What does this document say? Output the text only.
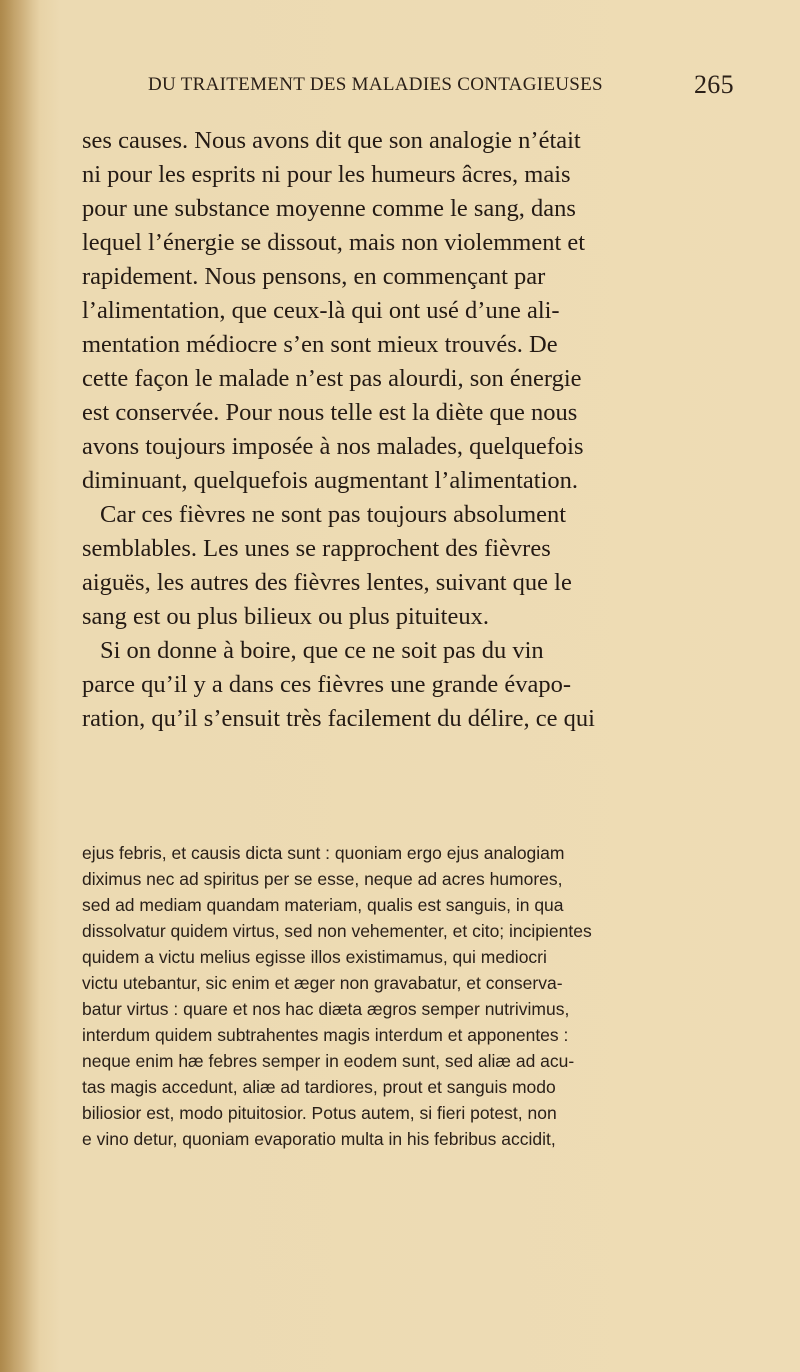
DU TRAITEMENT DES MALADIES CONTAGIEUSES	265
ses causes. Nous avons dit que son analogie n’était
ni pour les esprits ni pour les humeurs âcres, mais
pour une substance moyenne comme le sang, dans
lequel l’énergie se dissout, mais non violemment et
rapidement. Nous pensons, en commençant par
l’alimentation, que ceux-là qui ont usé d’une ali-
mentation médiocre s’en sont mieux trouvés. De
cette façon le malade n’est pas alourdi, son énergie
est conservée. Pour nous telle est la diète que nous
avons toujours imposée à nos malades, quelquefois
diminuant, quelquefois augmentant l’alimentation.
Car ces fièvres ne sont pas toujours absolument
semblables. Les unes se rapprochent des fièvres
aiguës, les autres des fièvres lentes, suivant que le
sang est ou plus bilieux ou plus pituiteux.
Si on donne à boire, que ce ne soit pas du vin
parce qu’il y a dans ces fièvres une grande évapo-
ration, qu’il s’ensuit très facilement du délire, ce qui
ejus febris, et causis dicta sunt : quoniam ergo ejus analogiam
diximus nec ad spiritus per se esse, neque ad acres humores,
sed ad mediam quandam materiam, qualis est sanguis, in qua
dissolvatur quidem virtus, sed non vehementer, et cito; incipientes
quidem a victu melius egisse illos existimamus, qui mediocri
victu utebantur, sic enim et æger non gravabatur, et conserva-
batur virtus : quare et nos hac diæta ægros semper nutrivimus,
interdum quidem subtrahentes magis interdum et apponentes :
neque enim hæ febres semper in eodem sunt, sed aliæ ad acu-
tas magis accedunt, aliæ ad tardiores, prout et sanguis modo
biliosior est, modo pituitosior. Potus autem, si fieri potest, non
e vino detur, quoniam evaporatio multa in his febribus accidit,
